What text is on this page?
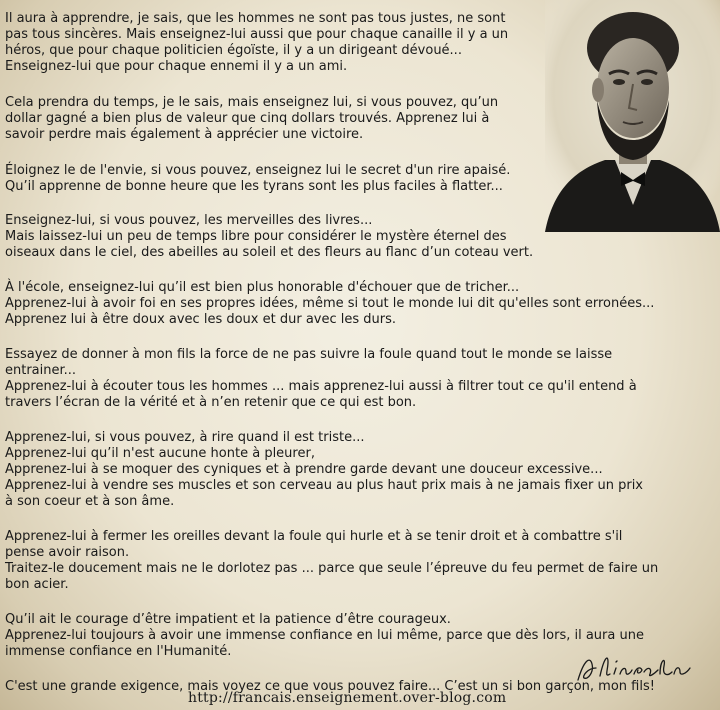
Il aura à apprendre, je sais, que les hommes ne sont pas tous justes, ne sont
pas tous sincères. Mais enseignez-lui aussi que pour chaque canaille il y a un
héros, que pour chaque politicien égoïste, il y a un dirigeant dévoué...
Enseignez-lui que pour chaque ennemi il y a un ami.
Cela prendra du temps, je le sais, mais enseignez lui, si vous pouvez, qu’un
dollar gagné a bien plus de valeur que cinq dollars trouvés. Apprenez lui à
savoir perdre mais également à apprécier une victoire.
Éloignez le de l'envie, si vous pouvez, enseignez lui le secret d'un rire apaisé.
Qu’il apprenne de bonne heure que les tyrans sont les plus faciles à flatter...
Enseignez-lui, si vous pouvez, les merveilles des livres...
Mais laissez-lui un peu de temps libre pour considérer le mystère éternel des
oiseaux dans le ciel, des abeilles au soleil et des fleurs au flanc d’un coteau vert.
À l'école, enseignez-lui qu’il est bien plus honorable d'échouer que de tricher...
Apprenez-lui à avoir foi en ses propres idées, même si tout le monde lui dit qu'elles sont erronées...
Apprenez lui à être doux avec les doux et dur avec les durs.
Essayez de donner à mon fils la force de ne pas suivre la foule quand tout le monde se laisse
entrainer...
Apprenez-lui à écouter tous les hommes ... mais apprenez-lui aussi à filtrer tout ce qu'il entend à
travers l’écran de la vérité et à n’en retenir que ce qui est bon.
Apprenez-lui, si vous pouvez, à rire quand il est triste...
Apprenez-lui qu’il n'est aucune honte à pleurer,
Apprenez-lui à se moquer des cyniques et à prendre garde devant une douceur excessive...
Apprenez-lui à vendre ses muscles et son cerveau au plus haut prix mais à ne jamais fixer un prix
à son coeur et à son âme.
Apprenez-lui à fermer les oreilles devant la foule qui hurle et à se tenir droit et à combattre s'il
pense avoir raison.
Traitez-le doucement mais ne le dorlotez pas ... parce que seule l’épreuve du feu permet de faire un
bon acier.
Qu’il ait le courage d’être impatient et la patience d’être courageux.
Apprenez-lui toujours à avoir une immense confiance en lui même, parce que dès lors, il aura une
immense confiance en l'Humanité.
C'est une grande exigence, mais voyez ce que vous pouvez faire... C’est un si bon garçon, mon fils!
http://francais.enseignement.over-blog.com
